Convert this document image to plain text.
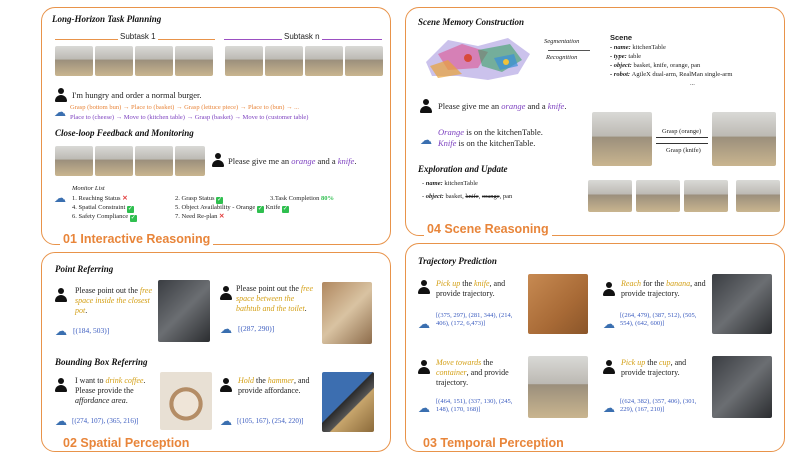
Long-Horizon Task Planning
Subtask 1	Subtask n
I'm hungry and order a normal burger.
☁ Grasp (bottom bun) → Place to (basket) → Grasp (lettuce piece) → Place to (bun) → ...
Place to (cheese) → Move to (kitchen table) → Grasp (basket) → Move to (customer table)
Close-loop Feedback and Monitoring
Please give me an orange and a knife.
☁
Monitor List
1. Reaching Status ✕	2. Grasp Status ✓	3.Task Completion 80%
4. Spatial Constraint ✓	5. Object Availability - Orange ✓ Knife ✓
6. Safety Compliance ✓	7. Need Re-plan ✕
01 Interactive Reasoning
Scene Memory Construction
Segmentation
Recognition
Scene
- name: kitchenTable
- type: table
- object: basket, knife, orange, pan
- robot: AgileX dual-arm, RealMan single-arm
...
Please give me an orange and a knife.
☁
Orange is on the kitchenTable.
Knife is on the kitchenTable.
Grasp (orange)
Grasp (knife)
Exploration and Update
- name: kitchenTable
- object: basket, knife, orange, pan
04 Scene Reasoning
Point Referring
Please point out the free space inside the closest pot.
☁ [(184, 503)]
Please point out the free space between the bathtub and the toilet.
☁ [(287, 290)]
Bounding Box Referring
I want to drink coffee. Please provide the affordance area.
☁ [(274, 107), (365, 216)]
Hold the hammer, and provide affordance.
☁ [(105, 167), (254, 220)]
02 Spatial Perception
Trajectory Prediction
Pick up the knife, and provide trajectory.
☁
[(375, 297), (281, 344), (214, 406), (172, 6,473)]
Reach for the banana, and provide trajectory.
☁
[(264, 479), (387, 512), (505, 554), (642, 600)]
Move towards the container, and provide trajectory.
☁ [(464, 151), (337, 130), (245, 148), (170, 168)]
Pick up the cup, and provide trajectory.
☁ [(624, 382), (357, 406), (301, 229), (167, 210)]
03 Temporal Perception
